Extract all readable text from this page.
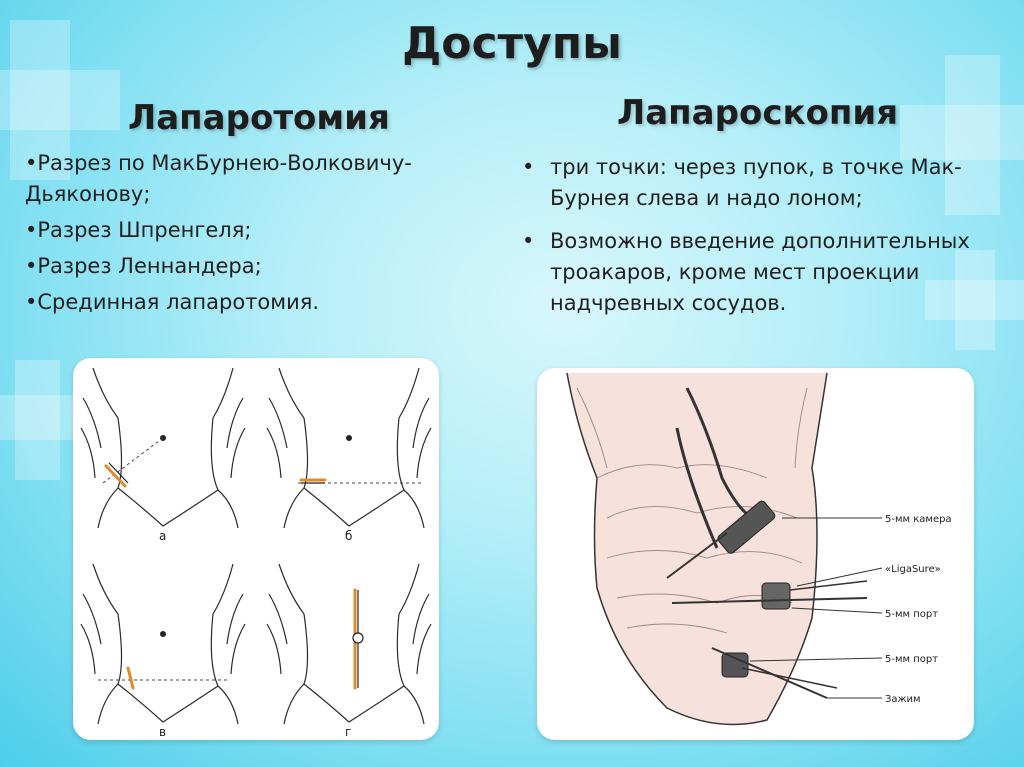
Доступы
Лапаротомия	Лапароскопия
•Разрез по МакБурнею-Волковичу-Дьяконову;
•Разрез Шпренгеля;
•Разрез Леннандера;
•Срединная лапаротомия.
• три точки: через пупок, в точке Мак-Бурнея слева и надо лоном;
• Возможно введение дополнительных троакаров, кроме мест проекции надчревных сосудов.
а	б
в	г
5-мм камера
«LigaSure»
5-мм порт
5-мм порт
Зажим
